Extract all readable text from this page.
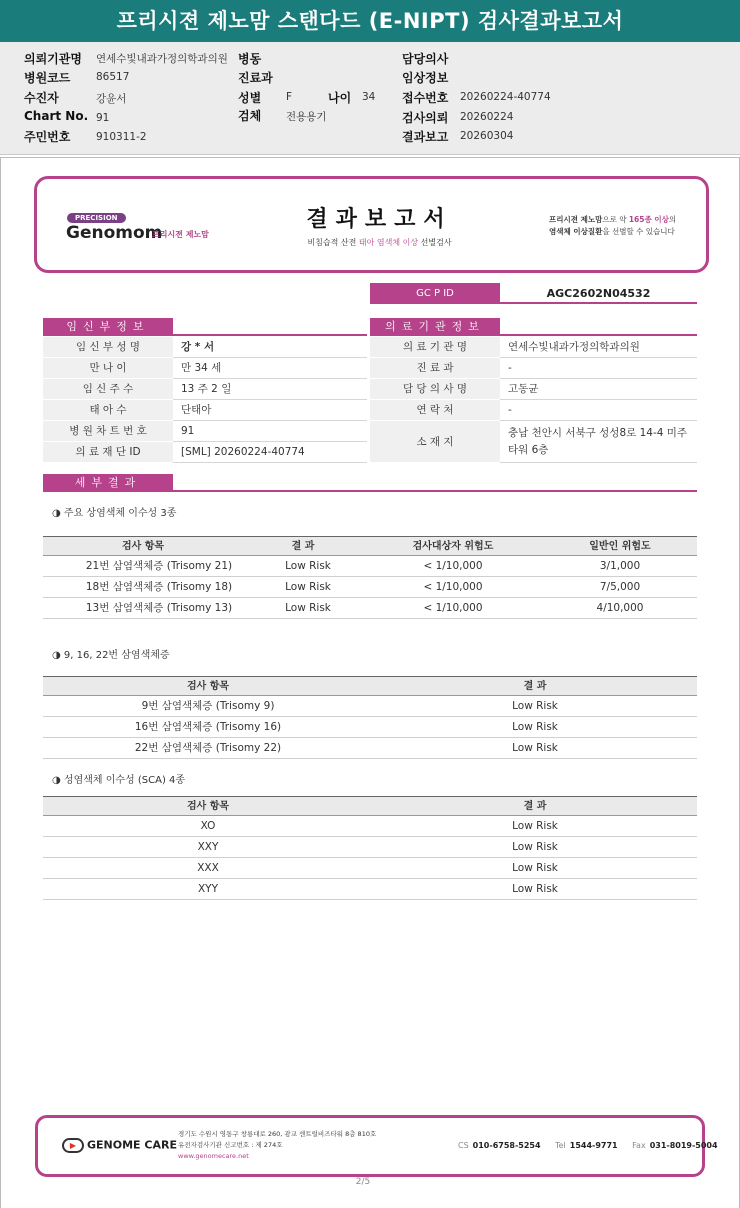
프리시젼 제노맘 스탠다드 (E-NIPT) 검사결과보고서
의뢰기관명 연세수빛내과가정의학과의원 병동	담당의사
병원코드 86517	진료과	임상정보
수진자	강윤서	성별 F	나이 34 접수번호 20260224-40774
Chart No. 91	검체 전용용기	검사의뢰 20260224
주민번호 910311-2	결과보고 20260304
PRECISION
Genomom
프리시젼 제노맘
결과보고서
비침습적 산전 태아 염색체 이상 선별검사
프리시젼 제노맘으로 약 165종 이상의
염색체 이상질환을 선별할 수 있습니다
GC P ID	AGC2602N04532
임신부정보	의료기관정보
임 신 부 성 명	강 * 서
만 나 이	만 34 세
임 신 주 수	13 주 2 일
태 아 수	단태아
병 원 차 트 번 호	91
의 료 재 단 ID	[SML] 20260224-40774
의 료 기 관 명	연세수빛내과가정의학과의원
진 료 과	-
담 당 의 사 명	고동균
연 락 처	-
소 재 지
충남 천안시 서북구 성성8로 14-4 미주
타워 6층
세부결과
◑ 주요 상염색체 이수성 3종
검사 항목	결 과	검사대상자 위험도	일반인 위험도
21번 삼염색체증 (Trisomy 21)	Low Risk	< 1/10,000	3/1,000
18번 삼염색체증 (Trisomy 18)	Low Risk	< 1/10,000	7/5,000
13번 삼염색체증 (Trisomy 13)	Low Risk	< 1/10,000	4/10,000
◑ 9, 16, 22번 삼염색체증
검사 항목	결 과
9번 삼염색체증 (Trisomy 9)	Low Risk
16번 삼염색체증 (Trisomy 16)	Low Risk
22번 삼염색체증 (Trisomy 22)	Low Risk
◑ 성염색체 이수성 (SCA) 4종
검사 항목	결 과
XO	Low Risk
XXY	Low Risk
XXX	Low Risk
XYY	Low Risk
▶ GENOME CARE
경기도 수원시 영통구 창룡대로 260, 광교 센트럴비즈타워 8층 810호
유전자검사기관 신고번호 : 제 274호
www.genomecare.net
CS 010-6758-5254 Tel 1544-9771 Fax 031-8019-5004
2/5
